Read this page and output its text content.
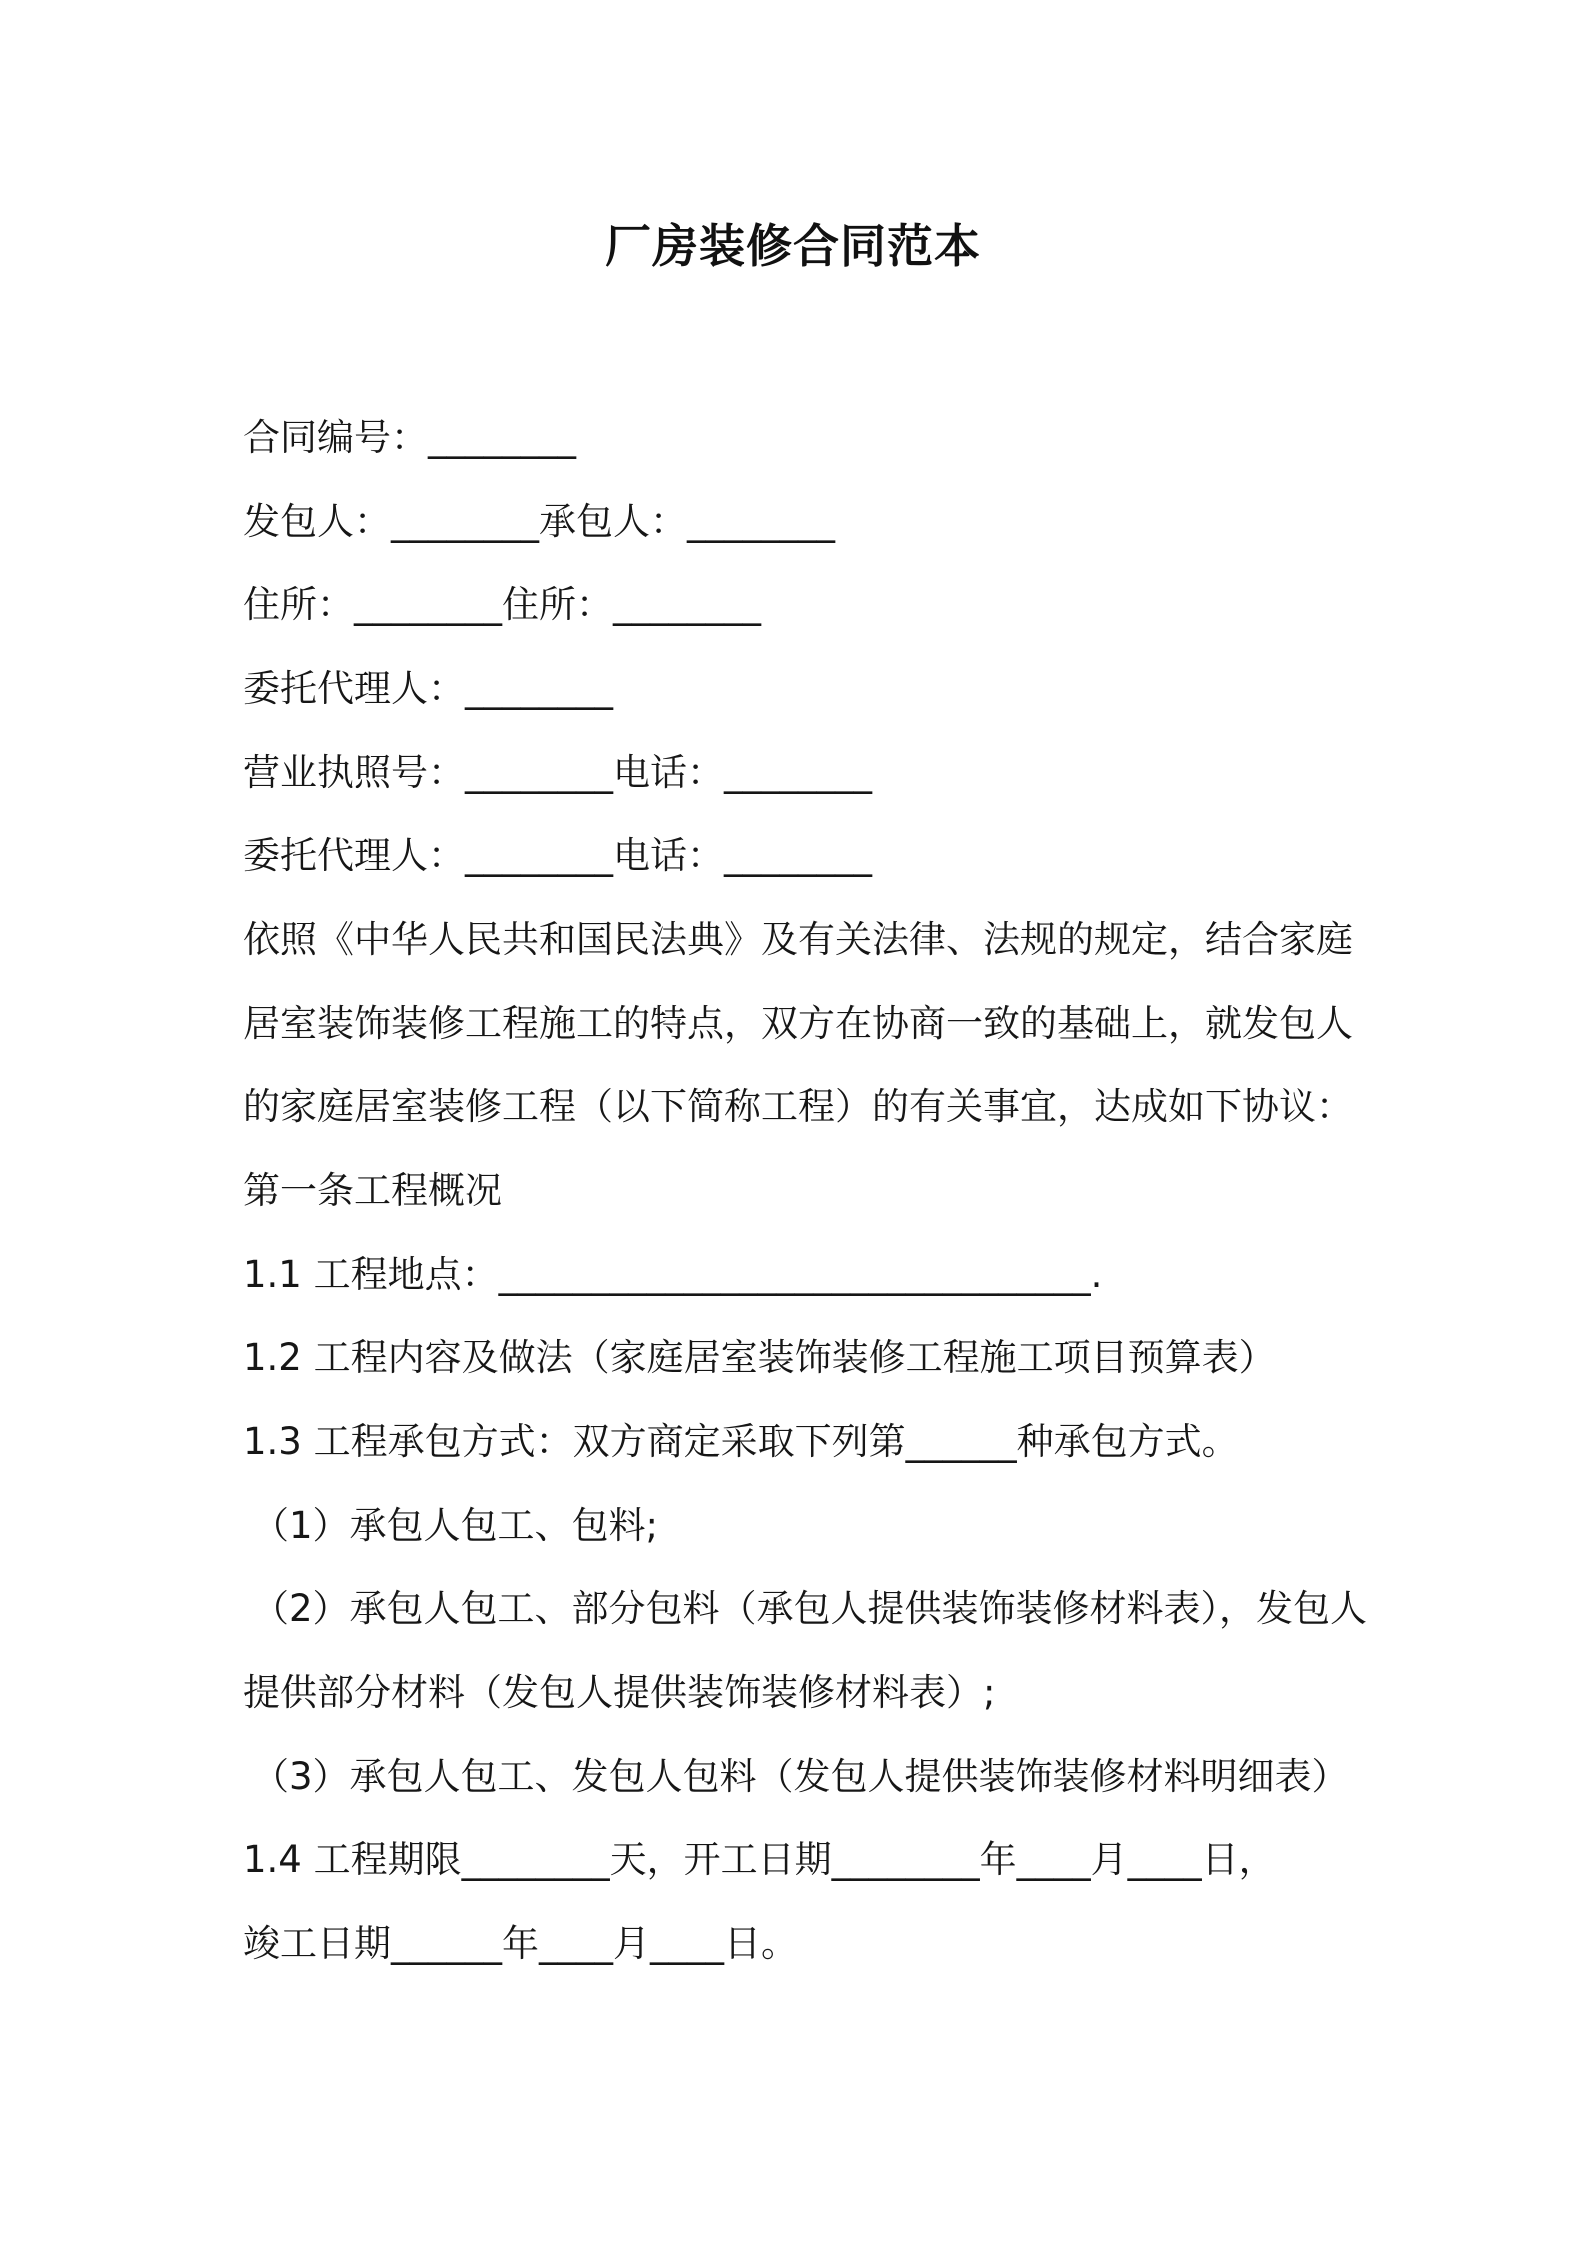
厂房装修合同范本
合同编号：________
发包人：________承包人：________
住所：________住所：________
委托代理人：________
营业执照号：________电话：________
委托代理人：________电话：________
依照《中华人民共和国民法典》及有关法律、法规的规定，结合家庭
居室装饰装修工程施工的特点，双方在协商一致的基础上，就发包人
的家庭居室装修工程（以下简称工程）的有关事宜，达成如下协议：
第一条工程概况
1.1 工程地点：________________________________.
1.2 工程内容及做法（家庭居室装饰装修工程施工项目预算表）
1.3 工程承包方式：双方商定采取下列第______种承包方式。
（1）承包人包工、包料;
（2）承包人包工、部分包料（承包人提供装饰装修材料表），发包人
提供部分材料（发包人提供装饰装修材料表）;
（3）承包人包工、发包人包料（发包人提供装饰装修材料明细表）
1.4 工程期限________天，开工日期________年____月____日，
竣工日期______年____月____日。
